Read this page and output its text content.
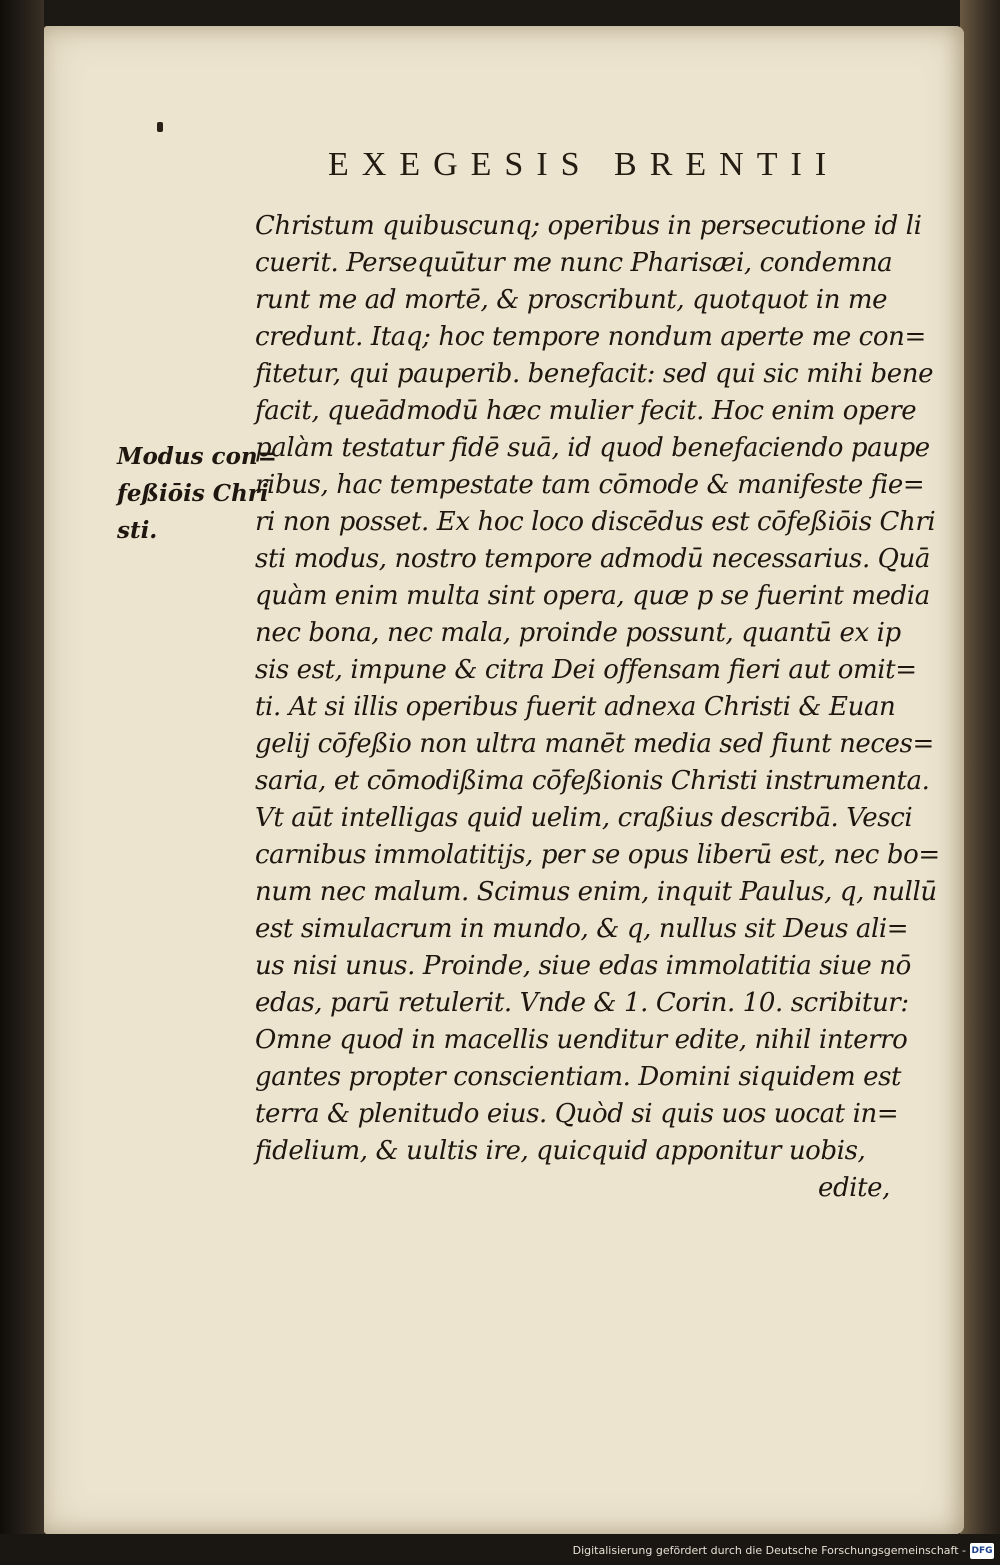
EXEGESIS BRENTII
Modus con=
feßiōis Chri
sti.
Christum quibuscunq; operibus in persecutione id li
cuerit. Persequūtur me nunc Pharisæi, condemna
runt me ad mortē, & proscribunt, quotquot in me
credunt. Itaq; hoc tempore nondum aperte me con=
fitetur, qui pauperib. benefacit: sed qui sic mihi bene
facit, queādmodū hæc mulier fecit. Hoc enim opere
palàm testatur fidē suā, id quod benefaciendo paupe
ribus, hac tempestate tam cōmode & manifeste fie=
ri non posset. Ex hoc loco discēdus est cōfeßiōis Chri
sti modus, nostro tempore admodū necessarius. Quā
quàm enim multa sint opera, quæ p se fuerint media
nec bona, nec mala, proinde possunt, quantū ex ip
sis est, impune & citra Dei offensam fieri aut omit=
ti. At si illis operibus fuerit adnexa Christi & Euan
gelij cōfeßio non ultra manēt media sed fiunt neces=
saria, et cōmodißima cōfeßionis Christi instrumenta.
Vt aūt intelligas quid uelim, craßius describā. Vesci
carnibus immolatitijs, per se opus liberū est, nec bo=
num nec malum. Scimus enim, inquit Paulus, q, nullū
est simulacrum in mundo, & q, nullus sit Deus ali=
us nisi unus. Proinde, siue edas immolatitia siue nō
edas, parū retulerit. Vnde & 1. Corin. 10. scribitur:
Omne quod in macellis uenditur edite, nihil interro
gantes propter conscientiam. Domini siquidem est
terra & plenitudo eius. Quòd si quis uos uocat in=
fidelium, & uultis ire, quicquid apponitur uobis,
edite,
Digitalisierung gefördert durch die Deutsche Forschungsgemeinschaft - DFG
